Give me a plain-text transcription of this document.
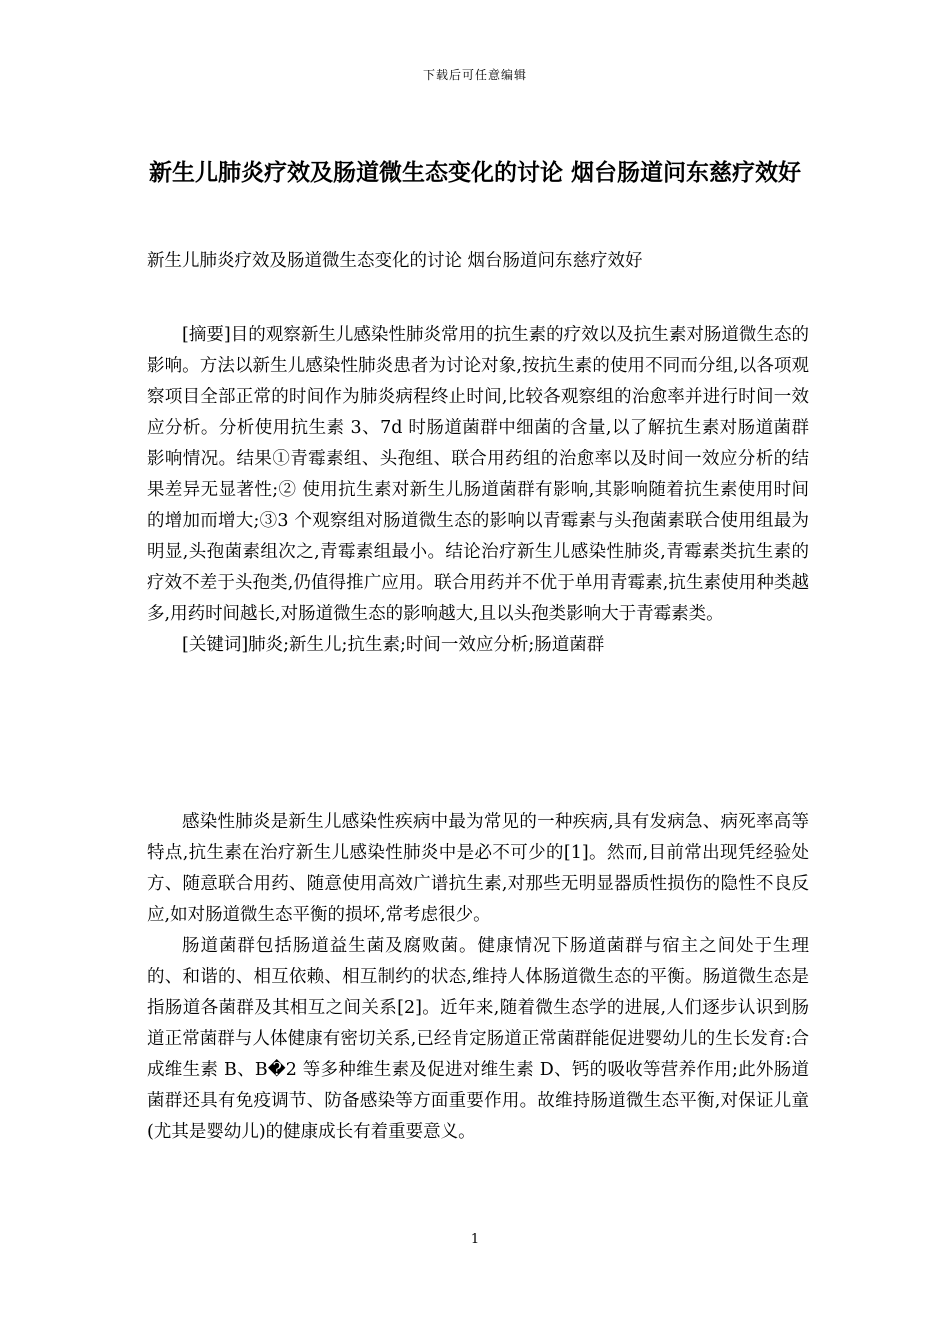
下载后可任意编辑
新生儿肺炎疗效及肠道微生态变化的讨论 烟台肠道问东慈疗效好

新生儿肺炎疗效及肠道微生态变化的讨论 烟台肠道问东慈疗效好

[摘要]目的观察新生儿感染性肺炎常用的抗生素的疗效以及抗生素对肠道微生态的影响。方法以新生儿感染性肺炎患者为讨论对象,按抗生素的使用不同而分组,以各项观察项目全部正常的时间作为肺炎病程终止时间,比较各观察组的治愈率并进行时间一效应分析。分析使用抗生素 3、7d 时肠道菌群中细菌的含量,以了解抗生素对肠道菌群影响情况。结果①青霉素组、头孢组、联合用药组的治愈率以及时间一效应分析的结果差异无显著性;② 使用抗生素对新生儿肠道菌群有影响,其影响随着抗生素使用时间的增加而增大;③3 个观察组对肠道微生态的影响以青霉素与头孢菌素联合使用组最为明显,头孢菌素组次之,青霉素组最小。结论治疗新生儿感染性肺炎,青霉素类抗生素的疗效不差于头孢类,仍值得推广应用。联合用药并不优于单用青霉素,抗生素使用种类越多,用药时间越长,对肠道微生态的影响越大,且以头孢类影响大于青霉素类。

[关键词]肺炎;新生儿;抗生素;时间一效应分析;肠道菌群

感染性肺炎是新生儿感染性疾病中最为常见的一种疾病,具有发病急、病死率高等特点,抗生素在治疗新生儿感染性肺炎中是必不可少的[1]。然而,目前常出现凭经验处方、随意联合用药、随意使用高效广谱抗生素,对那些无明显器质性损伤的隐性不良反应,如对肠道微生态平衡的损坏,常考虑很少。

肠道菌群包括肠道益生菌及腐败菌。健康情况下肠道菌群与宿主之间处于生理的、和谐的、相互依赖、相互制约的状态,维持人体肠道微生态的平衡。肠道微生态是指肠道各菌群及其相互之间关系[2]。近年来,随着微生态学的进展,人们逐步认识到肠道正常菌群与人体健康有密切关系,已经肯定肠道正常菌群能促进婴幼儿的生长发育:合成维生素 B、B�2 等多种维生素及促进对维生素 D、钙的吸收等营养作用;此外肠道菌群还具有免疫调节、防备感染等方面重要作用。故维持肠道微生态平衡,对保证儿童(尤其是婴幼儿)的健康成长有着重要意义。

1
